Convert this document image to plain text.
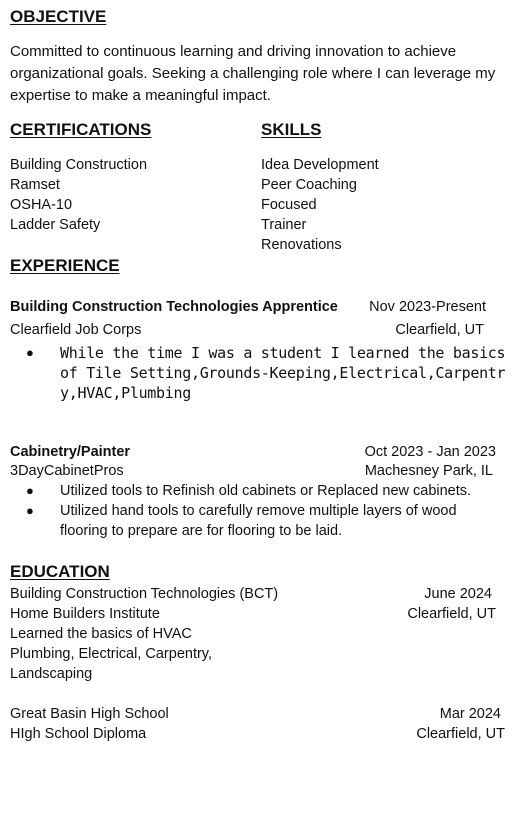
OBJECTIVE

Committed to continuous learning and driving innovation to achieve organizational goals. Seeking a challenging role where I can leverage my expertise to make a meaningful impact.

CERTIFICATIONS
Building Construction
Ramset
OSHA-10
Ladder Safety
SKILLS
Idea Development
Peer Coaching
Focused
Trainer
Renovations
EXPERIENCE
Building Construction Technologies Apprentice Nov 2023-Present
Clearfield Job Corps	Clearfield, UT
● While the time I was a student I learned the basics of Tile Setting,Grounds-Keeping,Electrical,Carpentry,HVAC,Plumbing
Cabinetry/Painter	Oct 2023 - Jan 2023
3DayCabinetPros	Machesney Park, IL
● Utilized tools to Refinish old cabinets or Replaced new cabinets.
● Utilized hand tools to carefully remove multiple layers of wood flooring to prepare are for flooring to be laid.
EDUCATION
Building Construction Technologies (BCT)	June 2024
Home Builders Institute	Clearfield, UT
Learned the basics of HVAC
Plumbing, Electrical, Carpentry,
Landscaping
Great Basin High School	Mar 2024
HIgh School Diploma	Clearfield, UT
